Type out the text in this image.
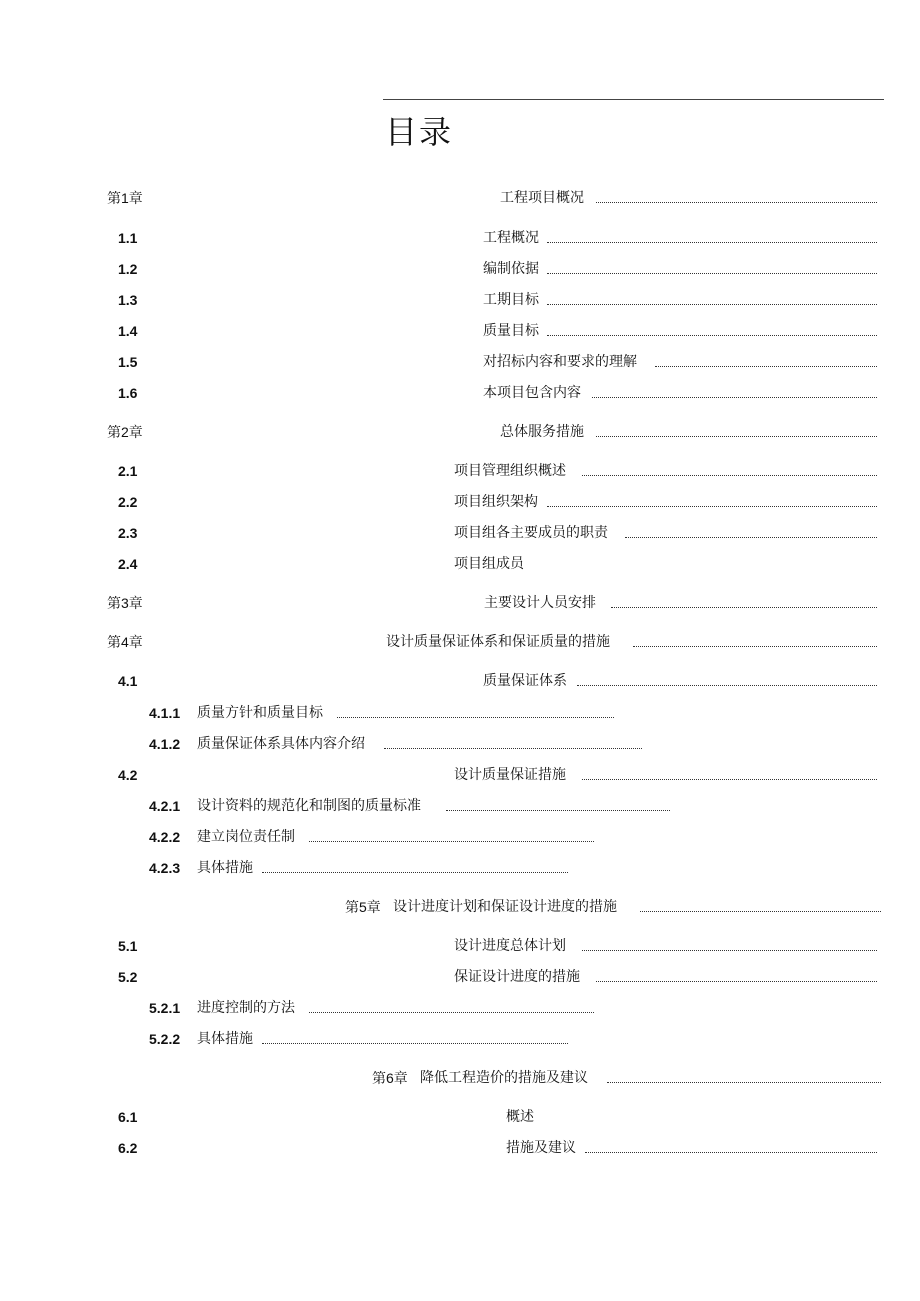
目录
第1章	工程项目概况
1.1	工程概况
1.2	编制依据
1.3	工期目标
1.4	质量目标
1.5	对招标内容和要求的理解
1.6	本项目包含内容
第2章	总体服务措施
2.1	项目管理组织概述
2.2	项目组织架构
2.3	项目组各主要成员的职责
2.4	项目组成员
第3章	主要设计人员安排
第4章	设计质量保证体系和保证质量的措施
4.1	质量保证体系
4.1.1 质量方针和质量目标
4.1.2 质量保证体系具体内容介绍
4.2	设计质量保证措施
4.2.1 设计资料的规范化和制图的质量标准
4.2.2 建立岗位责任制
4.2.3 具体措施
第5章 设计进度计划和保证设计进度的措施
5.1	设计进度总体计划
5.2	保证设计进度的措施
5.2.1 进度控制的方法
5.2.2 具体措施
第6章 降低工程造价的措施及建议
6.1	概述
6.2	措施及建议
